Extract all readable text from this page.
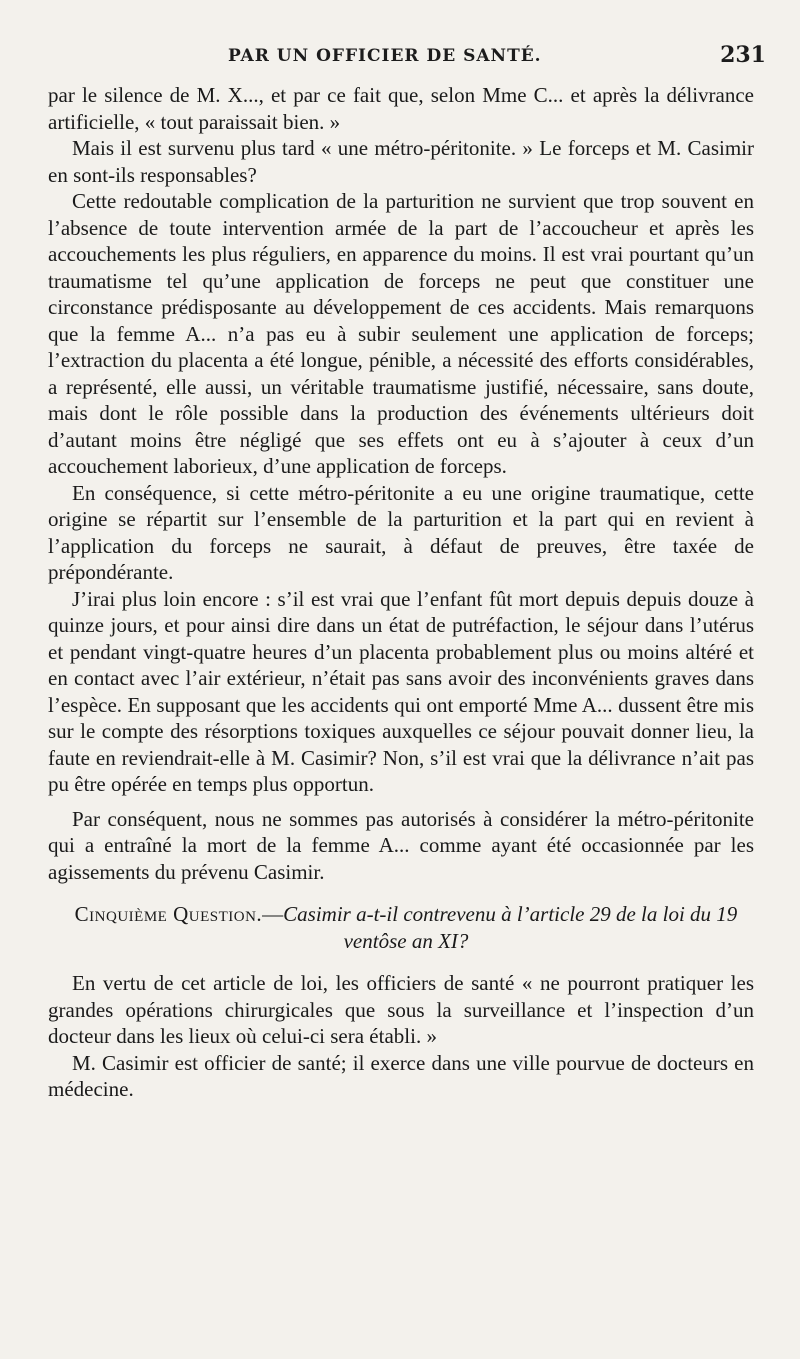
PAR UN OFFICIER DE SANTÉ.	231

par le silence de M. X..., et par ce fait que, selon Mme C... et après la délivrance artificielle, « tout paraissait bien. »

Mais il est survenu plus tard « une métro-péritonite. » Le forceps et M. Casimir en sont-ils responsables?

Cette redoutable complication de la parturition ne survient que trop souvent en l’absence de toute intervention armée de la part de l’accoucheur et après les accouchements les plus réguliers, en apparence du moins. Il est vrai pourtant qu’un traumatisme tel qu’une application de forceps ne peut que constituer une circonstance prédisposante au développement de ces accidents. Mais remarquons que la femme A... n’a pas eu à subir seulement une application de forceps; l’extraction du placenta a été longue, pénible, a nécessité des efforts considérables, a représenté, elle aussi, un véritable traumatisme justifié, nécessaire, sans doute, mais dont le rôle possible dans la production des événements ultérieurs doit d’autant moins être négligé que ses effets ont eu à s’ajouter à ceux d’un accouchement laborieux, d’une application de forceps.

En conséquence, si cette métro-péritonite a eu une origine traumatique, cette origine se répartit sur l’ensemble de la parturition et la part qui en revient à l’application du forceps ne saurait, à défaut de preuves, être taxée de prépondérante.

J’irai plus loin encore : s’il est vrai que l’enfant fût mort depuis depuis douze à quinze jours, et pour ainsi dire dans un état de putréfaction, le séjour dans l’utérus et pendant vingt-quatre heures d’un placenta probablement plus ou moins altéré et en contact avec l’air extérieur, n’était pas sans avoir des inconvénients graves dans l’espèce. En supposant que les accidents qui ont emporté Mme A... dussent être mis sur le compte des résorptions toxiques auxquelles ce séjour pouvait donner lieu, la faute en reviendrait-elle à M. Casimir? Non, s’il est vrai que la délivrance n’ait pas pu être opérée en temps plus opportun.

Par conséquent, nous ne sommes pas autorisés à considérer la métro-péritonite qui a entraîné la mort de la femme A... comme ayant été occasionnée par les agissements du prévenu Casimir.

Cinquième Question.—Casimir a-t-il contrevenu à l’article 29 de la loi du 19 ventôse an XI?

En vertu de cet article de loi, les officiers de santé « ne pourront pratiquer les grandes opérations chirurgicales que sous la surveillance et l’inspection d’un docteur dans les lieux où celui-ci sera établi. »

M. Casimir est officier de santé; il exerce dans une ville pourvue de docteurs en médecine.
